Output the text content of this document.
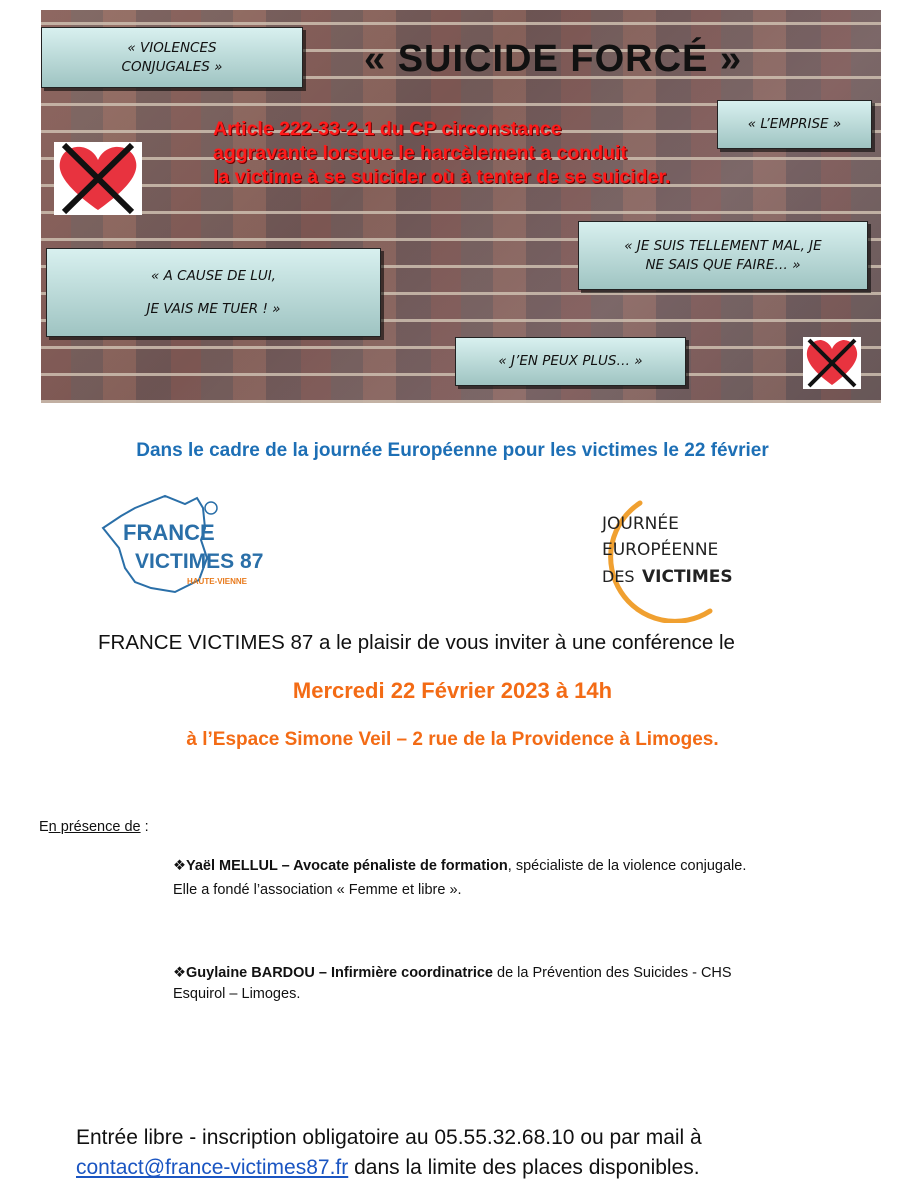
« VIOLENCES
CONJUGALES »	« SUICIDE FORCÉ »
Article 222-33-2-1 du CP circonstance
aggravante lorsque le harcèlement a conduit
la victime à se suicider où à tenter de se suicider.
« L’EMPRISE »
« JE SUIS TELLEMENT MAL, JE
NE SAIS QUE FAIRE… »
« A CAUSE DE LUI,
JE VAIS ME TUER ! »
« J’EN PEUX PLUS… »
Dans le cadre de la journée Européenne pour les victimes le 22 février
FRANCE
VICTIMES 87
HAUTE-VIENNE
JOURNÉE
EUROPÉENNE
DES VICTIMES
FRANCE VICTIMES 87 a le plaisir de vous inviter à une conférence le
Mercredi 22 Février 2023 à 14h
à l’Espace Simone Veil – 2 rue de la Providence à Limoges.
En présence de :
❖Yaël MELLUL – Avocate pénaliste de formation, spécialiste de la violence conjugale.
Elle a fondé l’association « Femme et libre ».
❖Guylaine BARDOU – Infirmière coordinatrice de la Prévention des Suicides - CHS Esquirol – Limoges.
Entrée libre - inscription obligatoire au 05.55.32.68.10 ou par mail à
contact@france-victimes87.fr dans la limite des places disponibles.
